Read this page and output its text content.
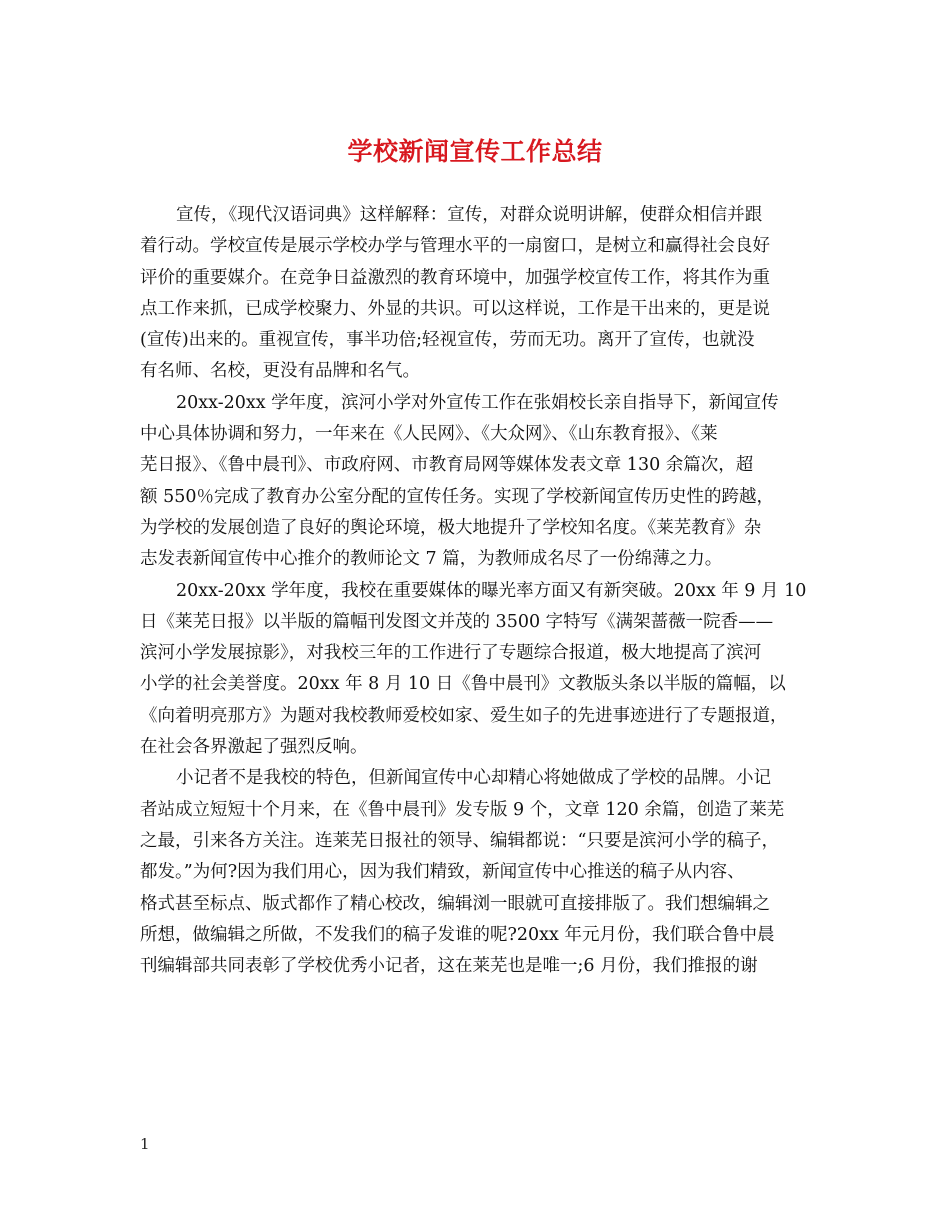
学校新闻宣传工作总结
宣传，《现代汉语词典》这样解释：宣传，对群众说明讲解，使群众相信并跟
着行动。学校宣传是展示学校办学与管理水平的一扇窗口，是树立和赢得社会良好
评价的重要媒介。在竞争日益激烈的教育环境中，加强学校宣传工作，将其作为重
点工作来抓，已成学校聚力、外显的共识。可以这样说，工作是干出来的，更是说
(宣传)出来的。重视宣传，事半功倍;轻视宣传，劳而无功。离开了宣传，也就没
有名师、名校，更没有品牌和名气。
20xx-20xx 学年度，滨河小学对外宣传工作在张娟校长亲自指导下，新闻宣传
中心具体协调和努力，一年来在《人民网》、《大众网》、《山东教育报》、《莱
芜日报》、《鲁中晨刊》、市政府网、市教育局网等媒体发表文章 130 余篇次，超
额 550％完成了教育办公室分配的宣传任务。实现了学校新闻宣传历史性的跨越，
为学校的发展创造了良好的舆论环境，极大地提升了学校知名度。《莱芜教育》杂
志发表新闻宣传中心推介的教师论文 7 篇，为教师成名尽了一份绵薄之力。
20xx-20xx 学年度，我校在重要媒体的曝光率方面又有新突破。20xx 年 9 月 10
日《莱芜日报》以半版的篇幅刊发图文并茂的 3500 字特写《满架蔷薇一院香——
滨河小学发展掠影》，对我校三年的工作进行了专题综合报道，极大地提高了滨河
小学的社会美誉度。20xx 年 8 月 10 日《鲁中晨刊》文教版头条以半版的篇幅，以
《向着明亮那方》为题对我校教师爱校如家、爱生如子的先进事迹进行了专题报道，
在社会各界激起了强烈反响。
小记者不是我校的特色，但新闻宣传中心却精心将她做成了学校的品牌。小记
者站成立短短十个月来，在《鲁中晨刊》发专版 9 个，文章 120 余篇，创造了莱芜
之最，引来各方关注。连莱芜日报社的领导、编辑都说：“只要是滨河小学的稿子，
都发。”为何?因为我们用心，因为我们精致，新闻宣传中心推送的稿子从内容、
格式甚至标点、版式都作了精心校改，编辑浏一眼就可直接排版了。我们想编辑之
所想，做编辑之所做，不发我们的稿子发谁的呢?20xx 年元月份，我们联合鲁中晨
刊编辑部共同表彰了学校优秀小记者，这在莱芜也是唯一;6 月份，我们推报的谢
1
